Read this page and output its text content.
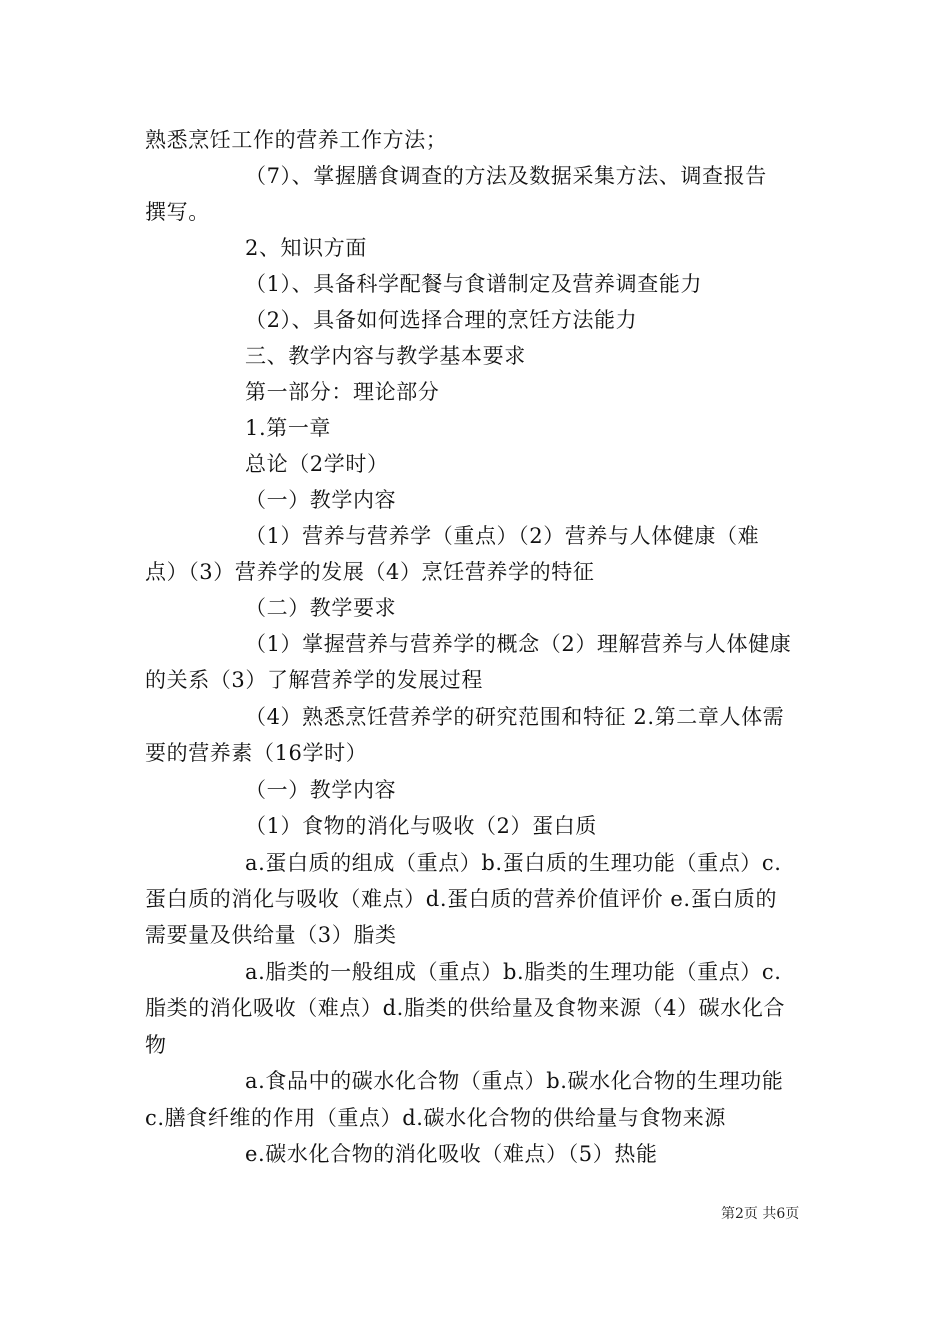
熟悉烹饪工作的营养工作方法；
（7）、掌握膳食调查的方法及数据采集方法、调查报告
撰写。
2、知识方面
（1）、具备科学配餐与食谱制定及营养调查能力
（2）、具备如何选择合理的烹饪方法能力
三、教学内容与教学基本要求
第一部分：理论部分
1.第一章
总论（2学时）
（一）教学内容
（1）营养与营养学（重点）（2）营养与人体健康（难
点）（3）营养学的发展（4）烹饪营养学的特征
（二）教学要求
（1）掌握营养与营养学的概念（2）理解营养与人体健康
的关系（3）了解营养学的发展过程
（4）熟悉烹饪营养学的研究范围和特征 2.第二章人体需
要的营养素（16学时）
（一）教学内容
（1）食物的消化与吸收（2）蛋白质
a.蛋白质的组成（重点）b.蛋白质的生理功能（重点）c.
蛋白质的消化与吸收（难点）d.蛋白质的营养价值评价 e.蛋白质的
需要量及供给量（3）脂类
a.脂类的一般组成（重点）b.脂类的生理功能（重点）c.
脂类的消化吸收（难点）d.脂类的供给量及食物来源（4）碳水化合
物
a.食品中的碳水化合物（重点）b.碳水化合物的生理功能
c.膳食纤维的作用（重点）d.碳水化合物的供给量与食物来源
e.碳水化合物的消化吸收（难点）（5）热能
第2页 共6页
